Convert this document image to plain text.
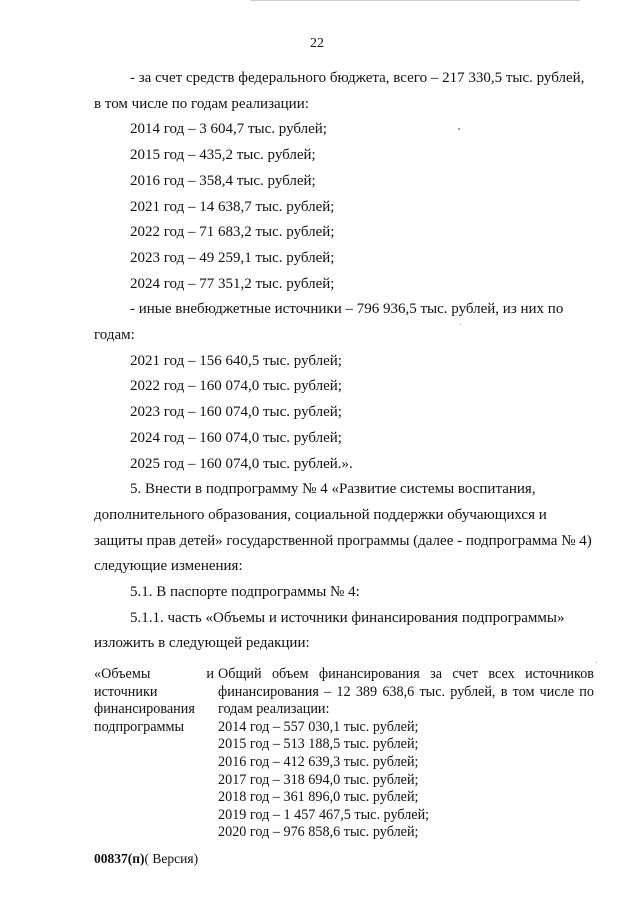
22

- за счет средств федерального бюджета, всего – 217 330,5 тыс. рублей,

в том числе по годам реализации:

2014 год – 3 604,7 тыс. рублей;

2015 год – 435,2 тыс. рублей;

2016 год – 358,4 тыс. рублей;

2021 год – 14 638,7 тыс. рублей;

2022 год – 71 683,2 тыс. рублей;

2023 год – 49 259,1 тыс. рублей;

2024 год – 77 351,2 тыс. рублей;

- иные внебюджетные источники – 796 936,5 тыс. рублей, из них по

годам:

2021 год – 156 640,5 тыс. рублей;

2022 год – 160 074,0 тыс. рублей;

2023 год – 160 074,0 тыс. рублей;

2024 год – 160 074,0 тыс. рублей;

2025 год – 160 074,0 тыс. рублей.».

5. Внести в подпрограмму № 4 «Развитие системы воспитания,

дополнительного образования, социальной поддержки обучающихся и

защиты прав детей» государственной программы (далее - подпрограмма № 4)

следующие изменения:

5.1. В паспорте подпрограммы № 4:

5.1.1. часть «Объемы и источники финансирования подпрограммы»

изложить в следующей редакции:

«Объемы и
источники
финансирования
подпрограммы

Общий объем финансирования за счет всех источников

финансирования – 12 389 638,6 тыс. рублей, в том числе по

годам реализации:

2014 год – 557 030,1 тыс. рублей;
2015 год – 513 188,5 тыс. рублей;
2016 год – 412 639,3 тыс. рублей;
2017 год – 318 694,0 тыс. рублей;
2018 год – 361 896,0 тыс. рублей;
2019 год – 1 457 467,5 тыс. рублей;
2020 год – 976 858,6 тыс. рублей;
00837(п)( Версия)
